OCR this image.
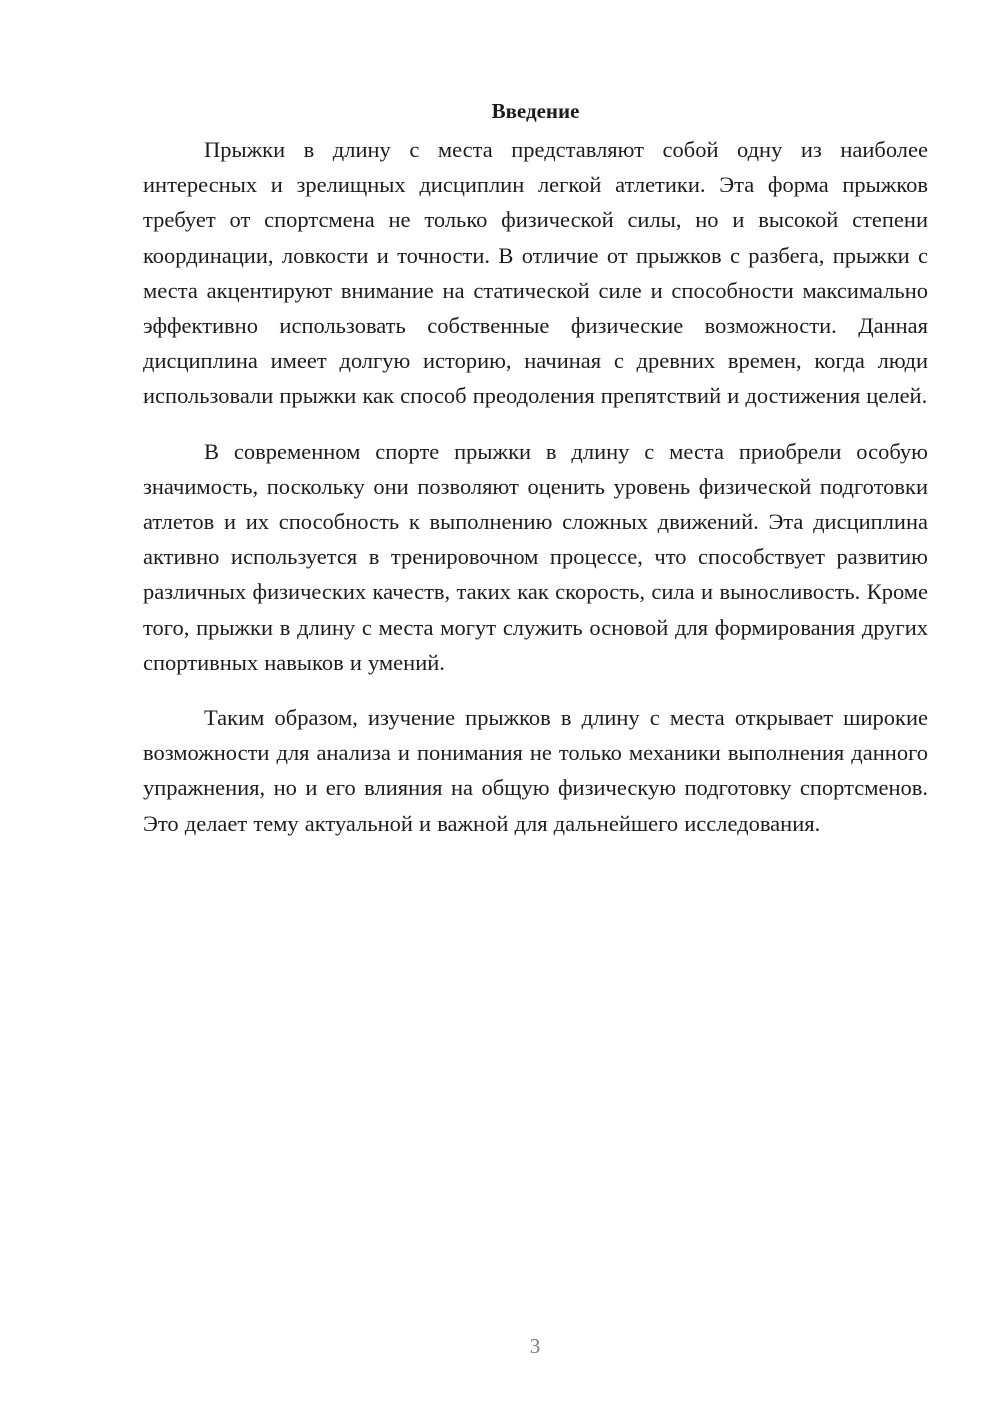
Введение

Прыжки в длину с места представляют собой одну из наиболее интересных и зрелищных дисциплин легкой атлетики. Эта форма прыжков требует от спортсмена не только физической силы, но и высокой степени координации, ловкости и точности. В отличие от прыжков с разбега, прыжки с места акцентируют внимание на статической силе и способности максимально эффективно использовать собственные физические возможности. Данная дисциплина имеет долгую историю, начиная с древних времен, когда люди использовали прыжки как способ преодоления препятствий и достижения целей.

В современном спорте прыжки в длину с места приобрели особую значимость, поскольку они позволяют оценить уровень физической подготовки атлетов и их способность к выполнению сложных движений. Эта дисциплина активно используется в тренировочном процессе, что способствует развитию различных физических качеств, таких как скорость, сила и выносливость. Кроме того, прыжки в длину с места могут служить основой для формирования других спортивных навыков и умений.

Таким образом, изучение прыжков в длину с места открывает широкие возможности для анализа и понимания не только механики выполнения данного упражнения, но и его влияния на общую физическую подготовку спортсменов. Это делает тему актуальной и важной для дальнейшего исследования.

3
